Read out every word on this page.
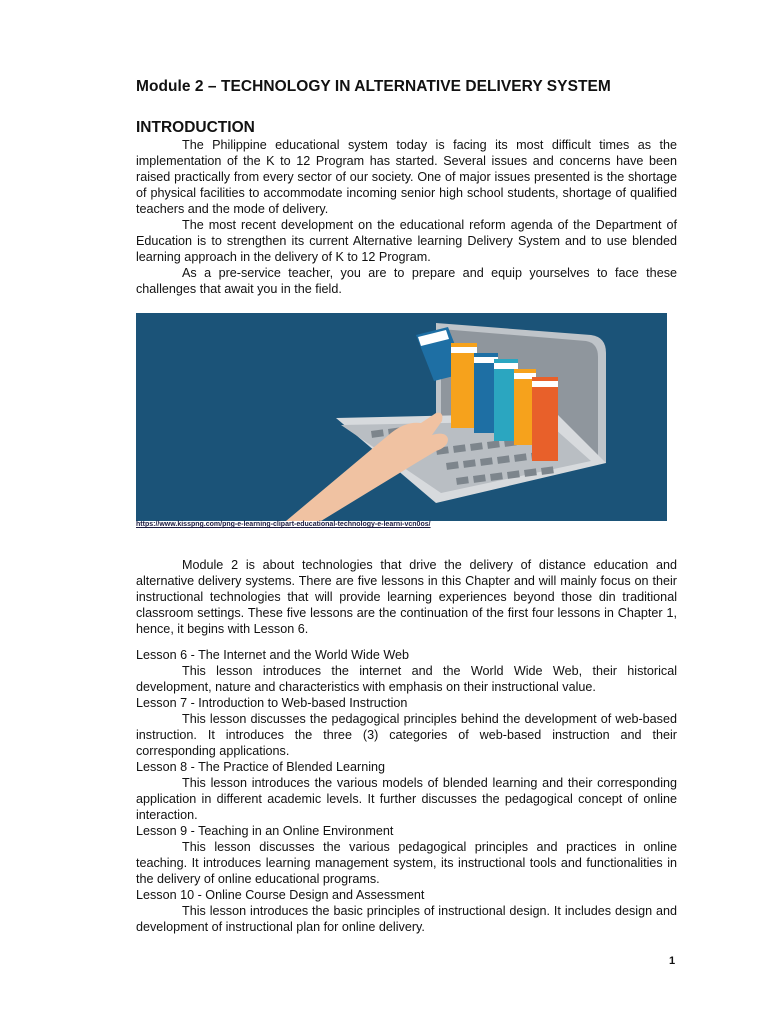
Module 2 – TECHNOLOGY IN ALTERNATIVE DELIVERY SYSTEM
INTRODUCTION

The Philippine educational system today is facing its most difficult times as the implementation of the K to 12 Program has started. Several issues and concerns have been raised practically from every sector of our society. One of major issues presented is the shortage of physical facilities to accommodate incoming senior high school students, shortage of qualified teachers and the mode of delivery.

The most recent development on the educational reform agenda of the Department of Education is to strengthen its current Alternative learning Delivery System and to use blended learning approach in the delivery of K to 12 Program.

As a pre-service teacher, you are to prepare and equip yourselves to face these challenges that await you in the field.

https://www.kisspng.com/png-e-learning-clipart-educational-technology-e-learni-vcn0os/

Module 2 is about technologies that drive the delivery of distance education and alternative delivery systems. There are five lessons in this Chapter and will mainly focus on their instructional technologies that will provide learning experiences beyond those din traditional classroom settings. These five lessons are the continuation of the first four lessons in Chapter 1, hence, it begins with Lesson 6.

Lesson 6 - The Internet and the World Wide Web

This lesson introduces the internet and the World Wide Web, their historical development, nature and characteristics with emphasis on their instructional value.

Lesson 7 - Introduction to Web-based Instruction

This lesson discusses the pedagogical principles behind the development of web-based instruction. It introduces the three (3) categories of web-based instruction and their corresponding applications.

Lesson 8 - The Practice of Blended Learning

This lesson introduces the various models of blended learning and their corresponding application in different academic levels. It further discusses the pedagogical concept of online interaction.

Lesson 9 - Teaching in an Online Environment

This lesson discusses the various pedagogical principles and practices in online teaching. It introduces learning management system, its instructional tools and functionalities in the delivery of online educational programs.

Lesson 10 - Online Course Design and Assessment

This lesson introduces the basic principles of instructional design. It includes design and development of instructional plan for online delivery.

1
